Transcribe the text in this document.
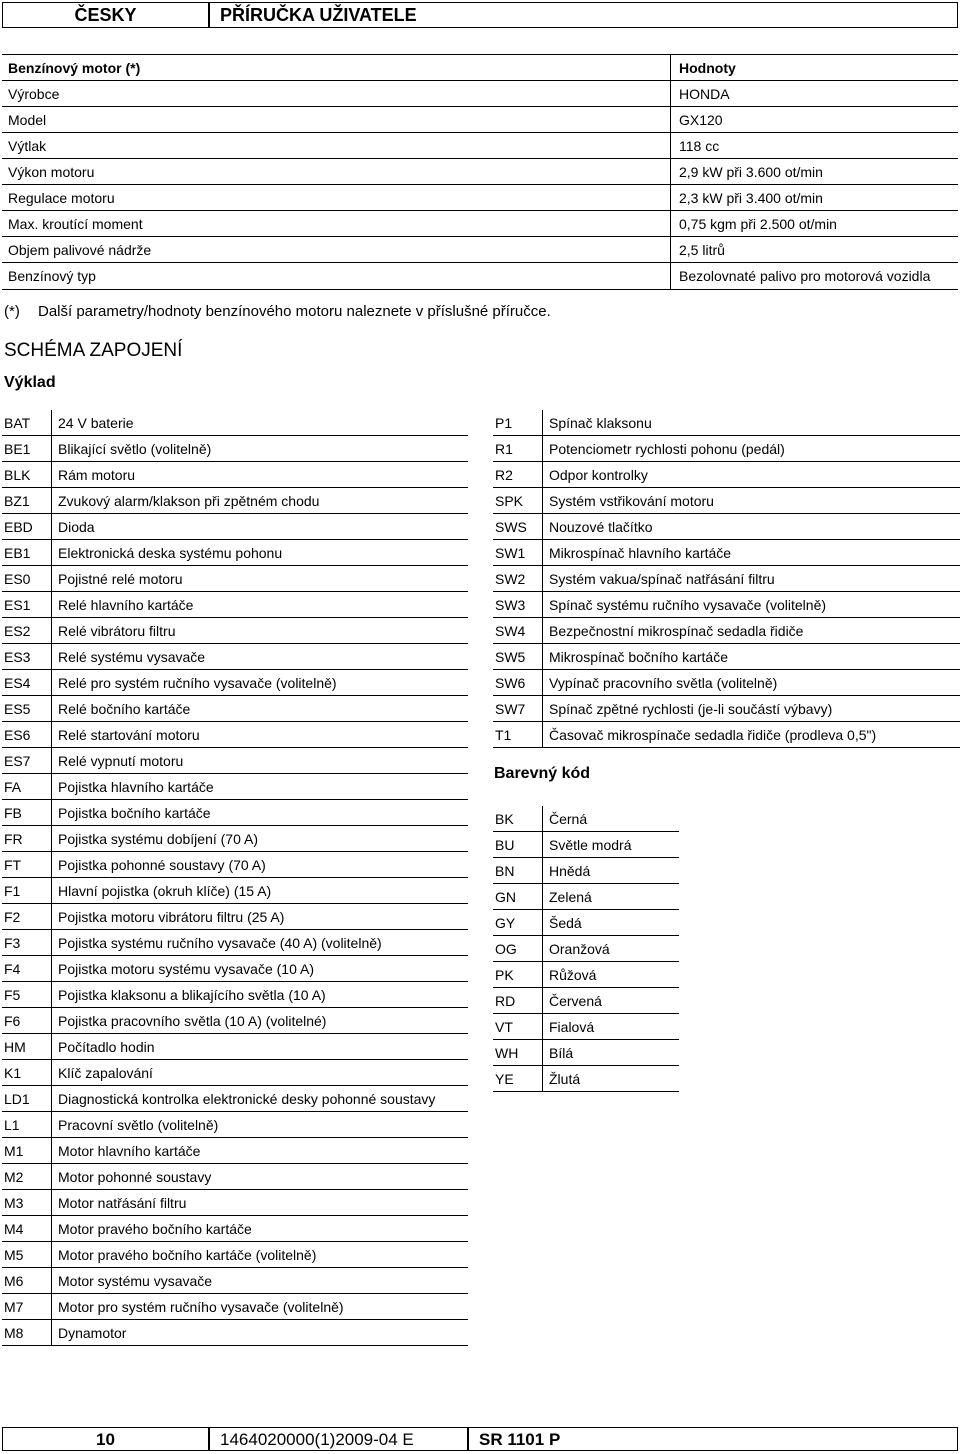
ČESKY	PŘÍRUČKA UŽIVATELE
Benzínový motor (*)	Hodnoty
Výrobce	HONDA
Model	GX120
Výtlak	118 cc
Výkon motoru	2,9 kW při 3.600 ot/min
Regulace motoru	2,3 kW při 3.400 ot/min
Max. kroutící moment	0,75 kgm při 2.500 ot/min
Objem palivové nádrže	2,5 litrů
Benzínový typ	Bezolovnaté palivo pro motorová vozidla
(*) Další parametry/hodnoty benzínového motoru naleznete v příslušné příručce.
SCHÉMA ZAPOJENÍ
Výklad
BAT	24 V baterie
BE1	Blikající světlo (volitelně)
BLK	Rám motoru
BZ1	Zvukový alarm/klakson při zpětném chodu
EBD	Dioda
EB1	Elektronická deska systému pohonu
ES0	Pojistné relé motoru
ES1	Relé hlavního kartáče
ES2	Relé vibrátoru filtru
ES3	Relé systému vysavače
ES4	Relé pro systém ručního vysavače (volitelně)
ES5	Relé bočního kartáče
ES6	Relé startování motoru
ES7	Relé vypnutí motoru
FA	Pojistka hlavního kartáče
FB	Pojistka bočního kartáče
FR	Pojistka systému dobíjení (70 A)
FT	Pojistka pohonné soustavy (70 A)
F1	Hlavní pojistka (okruh klíče) (15 A)
F2	Pojistka motoru vibrátoru filtru (25 A)
F3	Pojistka systému ručního vysavače (40 A) (volitelně)
F4	Pojistka motoru systému vysavače (10 A)
F5	Pojistka klaksonu a blikajícího světla (10 A)
F6	Pojistka pracovního světla (10 A) (volitelné)
HM	Počítadlo hodin
K1	Klíč zapalování
LD1	Diagnostická kontrolka elektronické desky pohonné soustavy
L1	Pracovní světlo (volitelně)
M1	Motor hlavního kartáče
M2	Motor pohonné soustavy
M3	Motor natřásání filtru
M4	Motor pravého bočního kartáče
M5	Motor pravého bočního kartáče (volitelně)
M6	Motor systému vysavače
M7	Motor pro systém ručního vysavače (volitelně)
M8	Dynamotor
P1	Spínač klaksonu
R1	Potenciometr rychlosti pohonu (pedál)
R2	Odpor kontrolky
SPK	Systém vstřikování motoru
SWS	Nouzové tlačítko
SW1	Mikrospínač hlavního kartáče
SW2	Systém vakua/spínač natřásání filtru
SW3	Spínač systému ručního vysavače (volitelně)
SW4	Bezpečnostní mikrospínač sedadla řidiče
SW5	Mikrospínač bočního kartáče
SW6	Vypínač pracovního světla (volitelně)
SW7	Spínač zpětné rychlosti (je-li součástí výbavy)
T1	Časovač mikrospínače sedadla řidiče (prodleva 0,5")
Barevný kód
BK	Černá
BU	Světle modrá
BN	Hnědá
GN	Zelená
GY	Šedá
OG	Oranžová
PK	Růžová
RD	Červená
VT	Fialová
WH	Bílá
YE	Žlutá
10	1464020000(1)2009-04 E	SR 1101 P
